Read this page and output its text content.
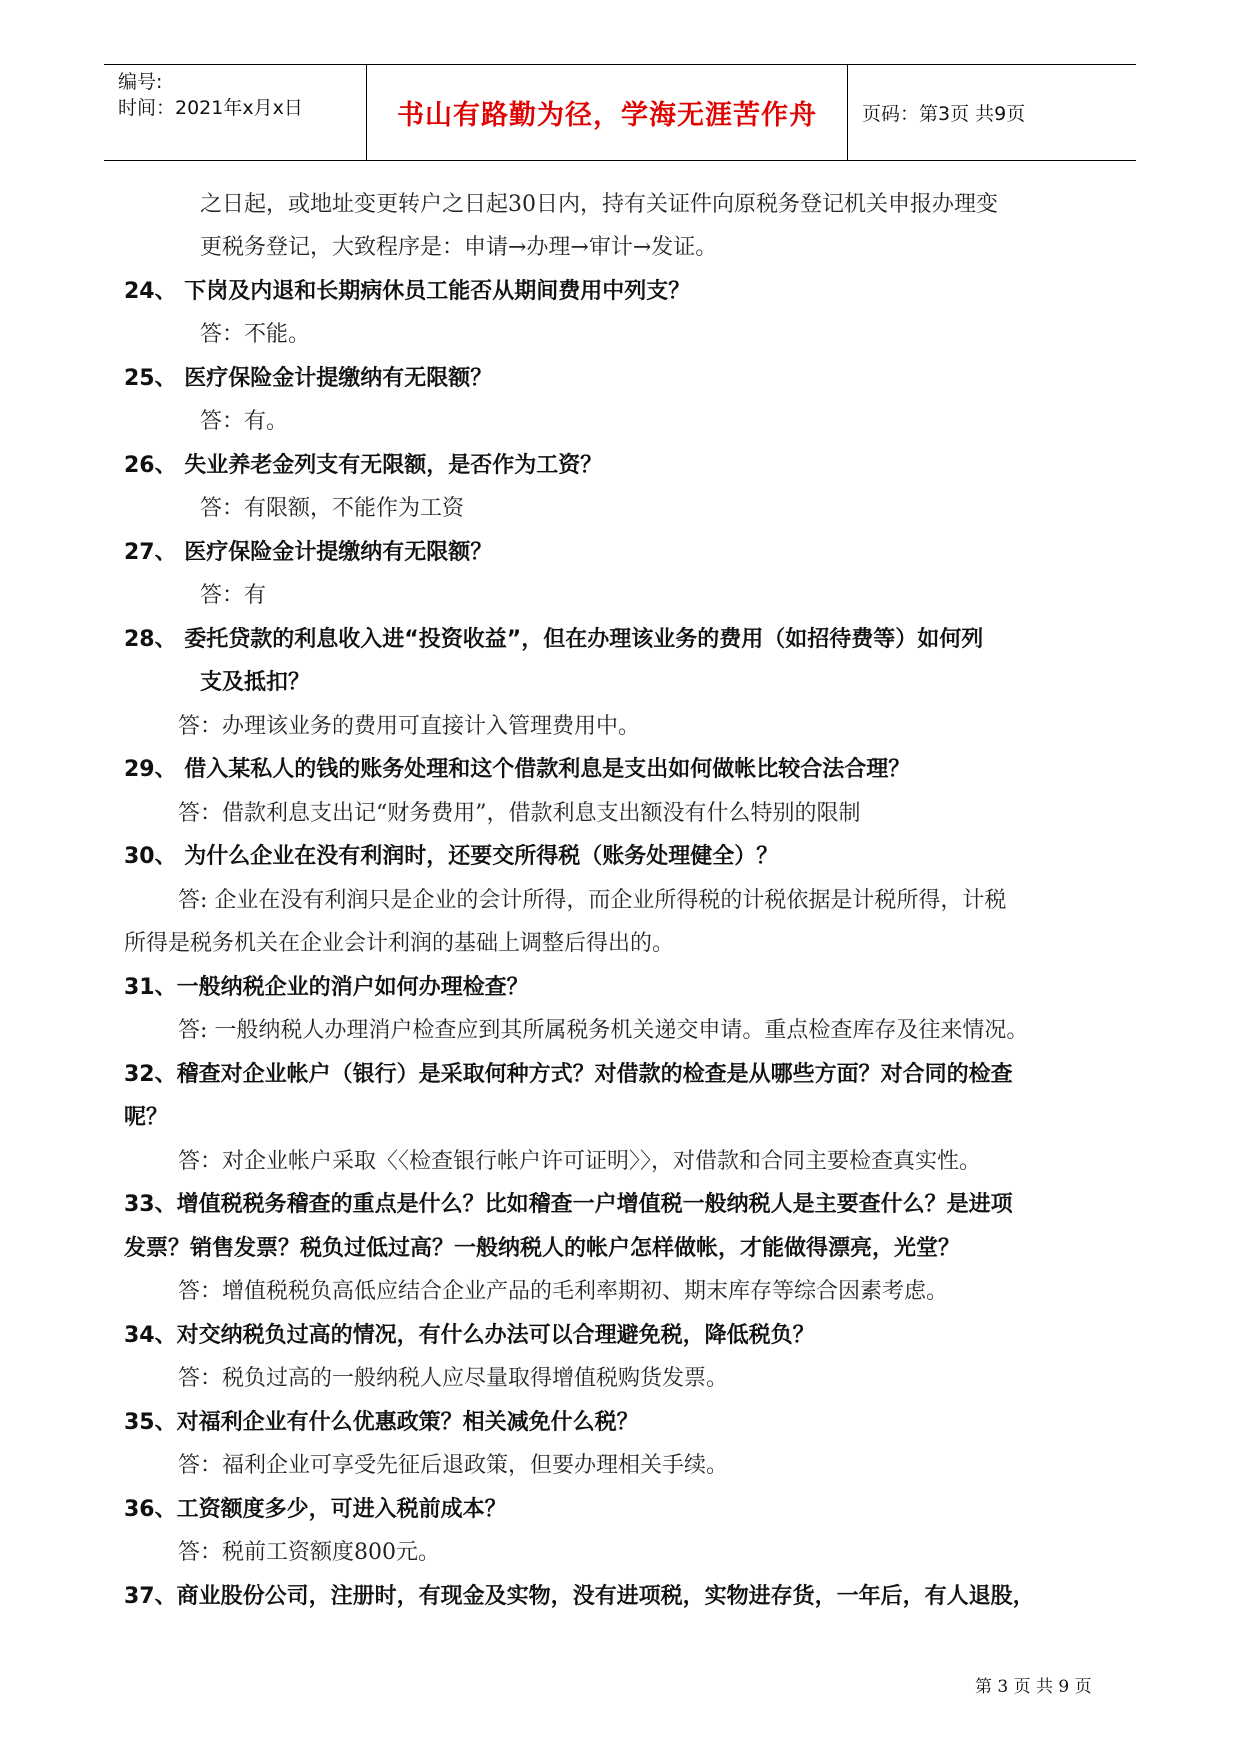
编号:
时间：2021年x月x日	书山有路勤为径，学海无涯苦作舟	页码：第3页 共9页
之日起，或地址变更转户之日起30日内，持有关证件向原税务登记机关申报办理变
更税务登记，大致程序是：申请→办理→审计→发证。
24、 下岗及内退和长期病休员工能否从期间费用中列支？
答：不能。
25、 医疗保险金计提缴纳有无限额？
答：有。
26、 失业养老金列支有无限额，是否作为工资？
答：有限额，不能作为工资
27、 医疗保险金计提缴纳有无限额？
答：有
28、 委托贷款的利息收入进“投资收益”，但在办理该业务的费用（如招待费等）如何列
支及抵扣？
答：办理该业务的费用可直接计入管理费用中。
29、 借入某私人的钱的账务处理和这个借款利息是支出如何做帐比较合法合理？
答：借款利息支出记“财务费用”，借款利息支出额没有什么特别的限制
30、 为什么企业在没有利润时，还要交所得税（账务处理健全）？
答: 企业在没有利润只是企业的会计所得，而企业所得税的计税依据是计税所得，计税
所得是税务机关在企业会计利润的基础上调整后得出的。
31、一般纳税企业的消户如何办理检查？
答: 一般纳税人办理消户检查应到其所属税务机关递交申请。重点检查库存及往来情况。
32、稽查对企业帐户（银行）是采取何种方式？对借款的检查是从哪些方面？对合同的检查
呢？
答：对企业帐户采取〈〈检查银行帐户许可证明〉〉，对借款和合同主要检查真实性。
33、增值税税务稽查的重点是什么？比如稽查一户增值税一般纳税人是主要查什么？是进项
发票？销售发票？税负过低过高？一般纳税人的帐户怎样做帐，才能做得漂亮，光堂？
答：增值税税负高低应结合企业产品的毛利率期初、期末库存等综合因素考虑。
34、对交纳税负过高的情况，有什么办法可以合理避免税，降低税负？
答：税负过高的一般纳税人应尽量取得增值税购货发票。
35、对福利企业有什么优惠政策？相关减免什么税？
答：福利企业可享受先征后退政策，但要办理相关手续。
36、工资额度多少，可进入税前成本？
答：税前工资额度800元。
37、商业股份公司，注册时，有现金及实物，没有进项税，实物进存货，一年后，有人退股，
第 3 页 共 9 页
